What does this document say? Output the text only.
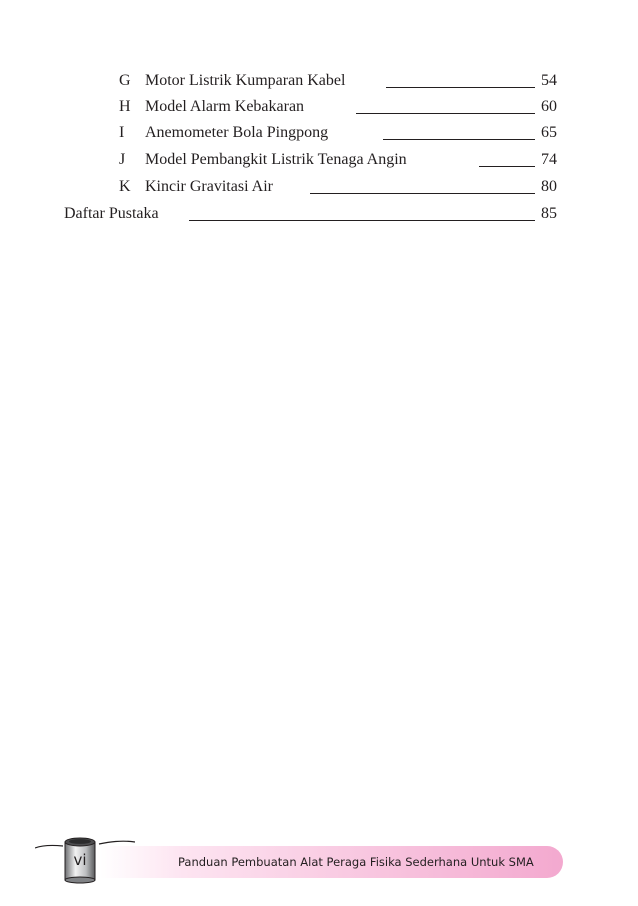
G Motor Listrik Kumparan Kabel	54
H Model Alarm Kebakaran	60
I Anemometer Bola Pingpong	65
J Model Pembangkit Listrik Tenaga Angin	74
K Kincir Gravitasi Air	80
Daftar Pustaka	85
vi	Panduan Pembuatan Alat Peraga Fisika Sederhana Untuk SMA
